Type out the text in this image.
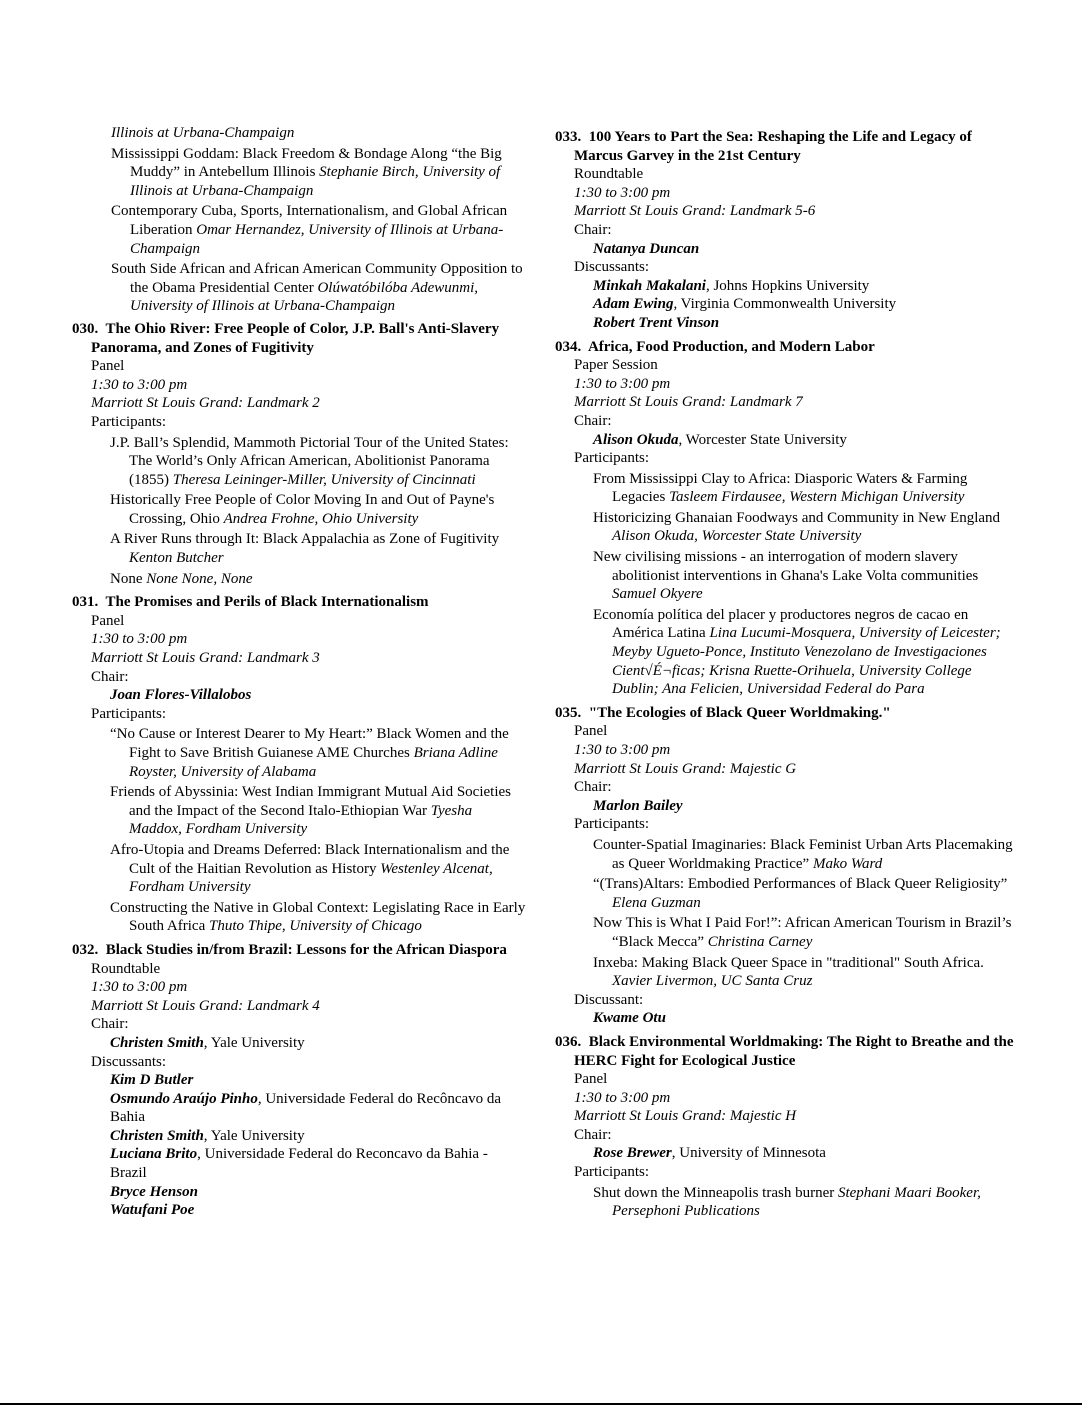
Illinois at Urbana-Champaign
Mississippi Goddam: Black Freedom & Bondage Along “the Big Muddy” in Antebellum Illinois Stephanie Birch, University of Illinois at Urbana-Champaign
Contemporary Cuba, Sports, Internationalism, and Global African Liberation Omar Hernandez, University of Illinois at Urbana-Champaign
South Side African and African American Community Opposition to the Obama Presidential Center Olúwatóbilóba Adewunmi, University of Illinois at Urbana-Champaign
030. The Ohio River: Free People of Color, J.P. Ball's Anti-Slavery Panorama, and Zones of Fugitivity
Panel
1:30 to 3:00 pm
Marriott St Louis Grand: Landmark 2
Participants:
J.P. Ball’s Splendid, Mammoth Pictorial Tour of the United States: The World’s Only African American, Abolitionist Panorama (1855) Theresa Leininger-Miller, University of Cincinnati
Historically Free People of Color Moving In and Out of Payne's Crossing, Ohio Andrea Frohne, Ohio University
A River Runs through It: Black Appalachia as Zone of Fugitivity Kenton Butcher
None None None, None
031. The Promises and Perils of Black Internationalism
Panel
1:30 to 3:00 pm
Marriott St Louis Grand: Landmark 3
Chair:
Joan Flores-Villalobos
Participants:
“No Cause or Interest Dearer to My Heart:” Black Women and the Fight to Save British Guianese AME Churches Briana Adline Royster, University of Alabama
Friends of Abyssinia: West Indian Immigrant Mutual Aid Societies and the Impact of the Second Italo-Ethiopian War Tyesha Maddox, Fordham University
Afro-Utopia and Dreams Deferred: Black Internationalism and the Cult of the Haitian Revolution as History Westenley Alcenat, Fordham University
Constructing the Native in Global Context: Legislating Race in Early South Africa Thuto Thipe, University of Chicago
032. Black Studies in/from Brazil: Lessons for the African Diaspora
Roundtable
1:30 to 3:00 pm
Marriott St Louis Grand: Landmark 4
Chair:
Christen Smith, Yale University
Discussants:
Kim D Butler
Osmundo Araújo Pinho, Universidade Federal do Recôncavo da Bahia
Christen Smith, Yale University
Luciana Brito, Universidade Federal do Reconcavo da Bahia - Brazil
Bryce Henson
Watufani Poe
033. 100 Years to Part the Sea: Reshaping the Life and Legacy of Marcus Garvey in the 21st Century
Roundtable
1:30 to 3:00 pm
Marriott St Louis Grand: Landmark 5-6
Chair:
Natanya Duncan
Discussants:
Minkah Makalani, Johns Hopkins University
Adam Ewing, Virginia Commonwealth University
Robert Trent Vinson
034. Africa, Food Production, and Modern Labor
Paper Session
1:30 to 3:00 pm
Marriott St Louis Grand: Landmark 7
Chair:
Alison Okuda, Worcester State University
Participants:
From Mississippi Clay to Africa: Diasporic Waters & Farming Legacies Tasleem Firdausee, Western Michigan University
Historicizing Ghanaian Foodways and Community in New England Alison Okuda, Worcester State University
New civilising missions - an interrogation of modern slavery abolitionist interventions in Ghana's Lake Volta communities Samuel Okyere
Economía política del placer y productores negros de cacao en América Latina Lina Lucumi-Mosquera, University of Leicester; Meyby Ugueto-Ponce, Instituto Venezolano de Investigaciones Cient√É¬ficas; Krisna Ruette-Orihuela, University College Dublin; Ana Felicien, Universidad Federal do Para
035. "The Ecologies of Black Queer Worldmaking."
Panel
1:30 to 3:00 pm
Marriott St Louis Grand: Majestic G
Chair:
Marlon Bailey
Participants:
Counter-Spatial Imaginaries: Black Feminist Urban Arts Placemaking as Queer Worldmaking Practice” Mako Ward
“(Trans)Altars: Embodied Performances of Black Queer Religiosity” Elena Guzman
Now This is What I Paid For!”: African American Tourism in Brazil’s “Black Mecca” Christina Carney
Inxeba: Making Black Queer Space in "traditional" South Africa. Xavier Livermon, UC Santa Cruz
Discussant:
Kwame Otu
036. Black Environmental Worldmaking: The Right to Breathe and the HERC Fight for Ecological Justice
Panel
1:30 to 3:00 pm
Marriott St Louis Grand: Majestic H
Chair:
Rose Brewer, University of Minnesota
Participants:
Shut down the Minneapolis trash burner Stephani Maari Booker, Persephoni Publications
